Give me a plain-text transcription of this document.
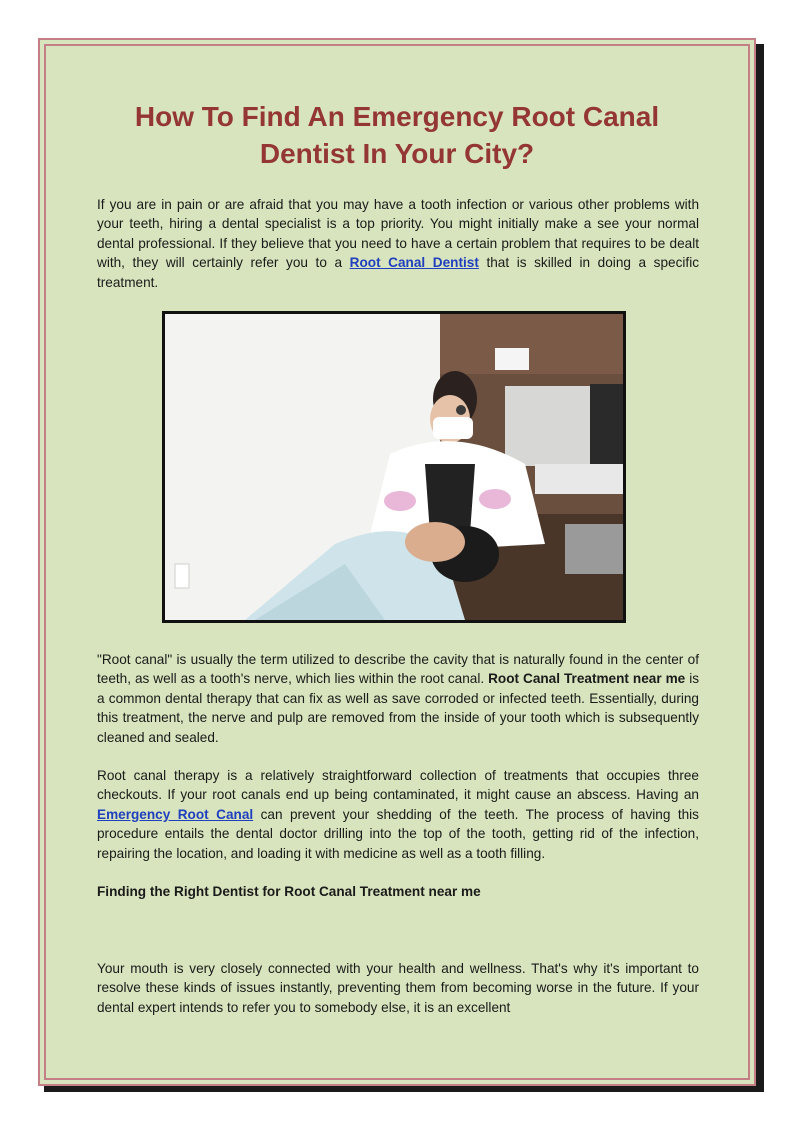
How To Find An Emergency Root Canal
Dentist In Your City?

If you are in pain or are afraid that you may have a tooth infection or various other problems with your teeth, hiring a dental specialist is a top priority. You might initially make a see your normal dental professional. If they believe that you need to have a certain problem that requires to be dealt with, they will certainly refer you to a Root Canal Dentist that is skilled in doing a specific treatment.

"Root canal" is usually the term utilized to describe the cavity that is naturally found in the center of teeth, as well as a tooth's nerve, which lies within the root canal. Root Canal Treatment near me is a common dental therapy that can fix as well as save corroded or infected teeth. Essentially, during this treatment, the nerve and pulp are removed from the inside of your tooth which is subsequently cleaned and sealed.

Root canal therapy is a relatively straightforward collection of treatments that occupies three checkouts. If your root canals end up being contaminated, it might cause an abscess. Having an Emergency Root Canal can prevent your shedding of the teeth. The process of having this procedure entails the dental doctor drilling into the top of the tooth, getting rid of the infection, repairing the location, and loading it with medicine as well as a tooth filling.

Finding the Right Dentist for Root Canal Treatment near me

Your mouth is very closely connected with your health and wellness. That's why it's important to resolve these kinds of issues instantly, preventing them from becoming worse in the future. If your dental expert intends to refer you to somebody else, it is an excellent
